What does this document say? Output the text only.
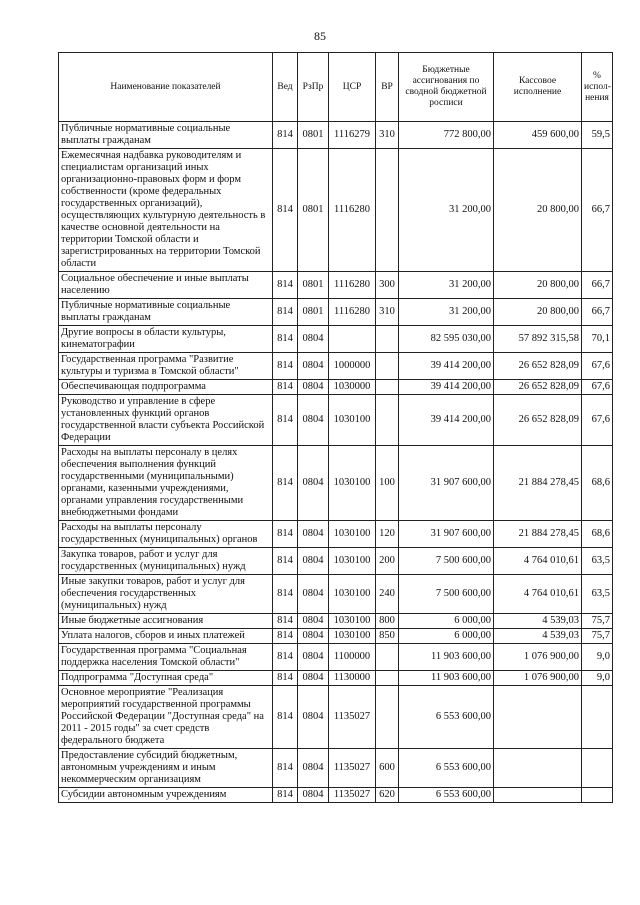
85
Наименование показателей	Вед	РзПр	ЦСР	ВР	Бюджетные ассигнования по сводной бюджетной росписи	Кассовое исполнение	% испол-нения
Публичные нормативные социальные выплаты гражданам	814	0801	1116279	310	772 800,00	459 600,00	59,5
Ежемесячная надбавка руководителям и специалистам организаций иных организационно-правовых форм и форм собственности (кроме федеральных государственных организаций), осуществляющих культурную деятельность в качестве основной деятельности на территории Томской области и зарегистрированных на территории Томской области	814	0801	1116280		31 200,00	20 800,00	66,7
Социальное обеспечение и иные выплаты населению	814	0801	1116280	300	31 200,00	20 800,00	66,7
Публичные нормативные социальные выплаты гражданам	814	0801	1116280	310	31 200,00	20 800,00	66,7
Другие вопросы в области культуры, кинематографии	814	0804			82 595 030,00	57 892 315,58	70,1
Государственная программа "Развитие культуры и туризма в Томской области"	814	0804	1000000		39 414 200,00	26 652 828,09	67,6
Обеспечивающая подпрограмма	814	0804	1030000		39 414 200,00	26 652 828,09	67,6
Руководство и управление в сфере установленных функций органов государственной власти субъекта Российской Федерации	814	0804	1030100		39 414 200,00	26 652 828,09	67,6
Расходы на выплаты персоналу в целях обеспечения выполнения функций государственными (муниципальными) органами, казенными учреждениями, органами управления государственными внебюджетными фондами	814	0804	1030100	100	31 907 600,00	21 884 278,45	68,6
Расходы на выплаты персоналу государственных (муниципальных) органов	814	0804	1030100	120	31 907 600,00	21 884 278,45	68,6
Закупка товаров, работ и услуг для государственных (муниципальных) нужд	814	0804	1030100	200	7 500 600,00	4 764 010,61	63,5
Иные закупки товаров, работ и услуг для обеспечения государственных (муниципальных) нужд	814	0804	1030100	240	7 500 600,00	4 764 010,61	63,5
Иные бюджетные ассигнования	814	0804	1030100	800	6 000,00	4 539,03	75,7
Уплата налогов, сборов и иных платежей	814	0804	1030100	850	6 000,00	4 539,03	75,7
Государственная программа "Социальная поддержка населения Томской области"	814	0804	1100000		11 903 600,00	1 076 900,00	9,0
Подпрограмма "Доступная среда"	814	0804	1130000		11 903 600,00	1 076 900,00	9,0
Основное мероприятие "Реализация мероприятий государственной программы Российской Федерации "Доступная среда" на 2011 - 2015 годы" за счет средств федерального бюджета	814	0804	1135027		6 553 600,00		
Предоставление субсидий бюджетным, автономным учреждениям и иным некоммерческим организациям	814	0804	1135027	600	6 553 600,00		
Субсидии автономным учреждениям	814	0804	1135027	620	6 553 600,00		
